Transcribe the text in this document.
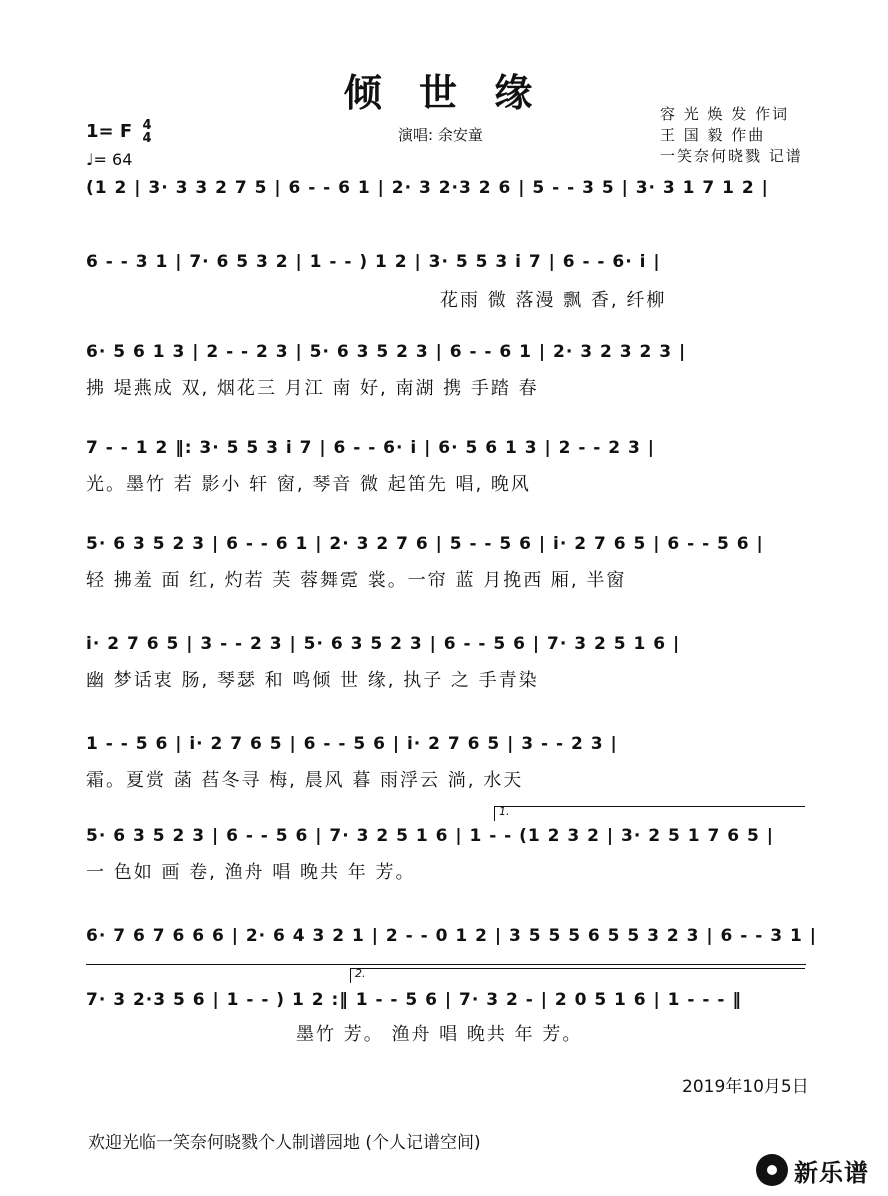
倾 世 缘
1= F 4
4
♩= 64
演唱: 余安童
容 光 焕 发 作词
王 国 毅 作曲
一笑奈何晓戮 记谱
(1 2 | 3· 3 3 2 7 5 | 6 - - 6 1 | 2· 3 2·3 2 6 | 5 - - 3 5 | 3· 3 1 7 1 2 |
6 - - 3 1 | 7· 6 5 3 2 | 1 - - ) 1 2 | 3· 5 5 3 i 7 | 6 - - 6· i |
花雨 微 落漫 飘 香, 纤柳
6· 5 6 1 3 | 2 - - 2 3 | 5· 6 3 5 2 3 | 6 - - 6 1 | 2· 3 2 3 2 3 |
拂 堤燕成 双, 烟花三 月江 南 好, 南湖 携 手踏 春
7 - - 1 2 ‖: 3· 5 5 3 i 7 | 6 - - 6· i | 6· 5 6 1 3 | 2 - - 2 3 |
光。墨竹 若 影小 轩 窗, 琴音 微 起笛先 唱, 晚风
5· 6 3 5 2 3 | 6 - - 6 1 | 2· 3 2 7 6 | 5 - - 5 6 | i· 2 7 6 5 | 6 - - 5 6 |
轻 拂羞 面 红, 灼若 芙 蓉舞霓 裳。一帘 蓝 月挽西 厢, 半窗
i· 2 7 6 5 | 3 - - 2 3 | 5· 6 3 5 2 3 | 6 - - 5 6 | 7· 3 2 5 1 6 |
幽 梦话衷 肠, 琴瑟 和 鸣倾 世 缘, 执子 之 手青染
1 - - 5 6 | i· 2 7 6 5 | 6 - - 5 6 | i· 2 7 6 5 | 3 - - 2 3 |
霜。夏赏 菡 萏冬寻 梅, 晨风 暮 雨浮云 淌, 水天
1.
5· 6 3 5 2 3 | 6 - - 5 6 | 7· 3 2 5 1 6 | 1 - - (1 2 3 2 | 3· 2 5 1 7 6 5 |
一 色如 画 卷, 渔舟 唱 晚共 年 芳。
6· 7 6 7 6 6 6 | 2· 6 4 3 2 1 | 2 - - 0 1 2 | 3 5 5 5 6 5 5 3 2 3 | 6 - - 3 1 |
2.
7· 3 2·3 5 6 | 1 - - ) 1 2 :‖ 1 - - 5 6 | 7· 3 2 - | 2 0 5 1 6 | 1 - - - ‖
墨竹 芳。 渔舟 唱 晚共 年 芳。
2019年10月5日
欢迎光临一笑奈何晓戮个人制谱园地 (个人记谱空间)
新乐谱
